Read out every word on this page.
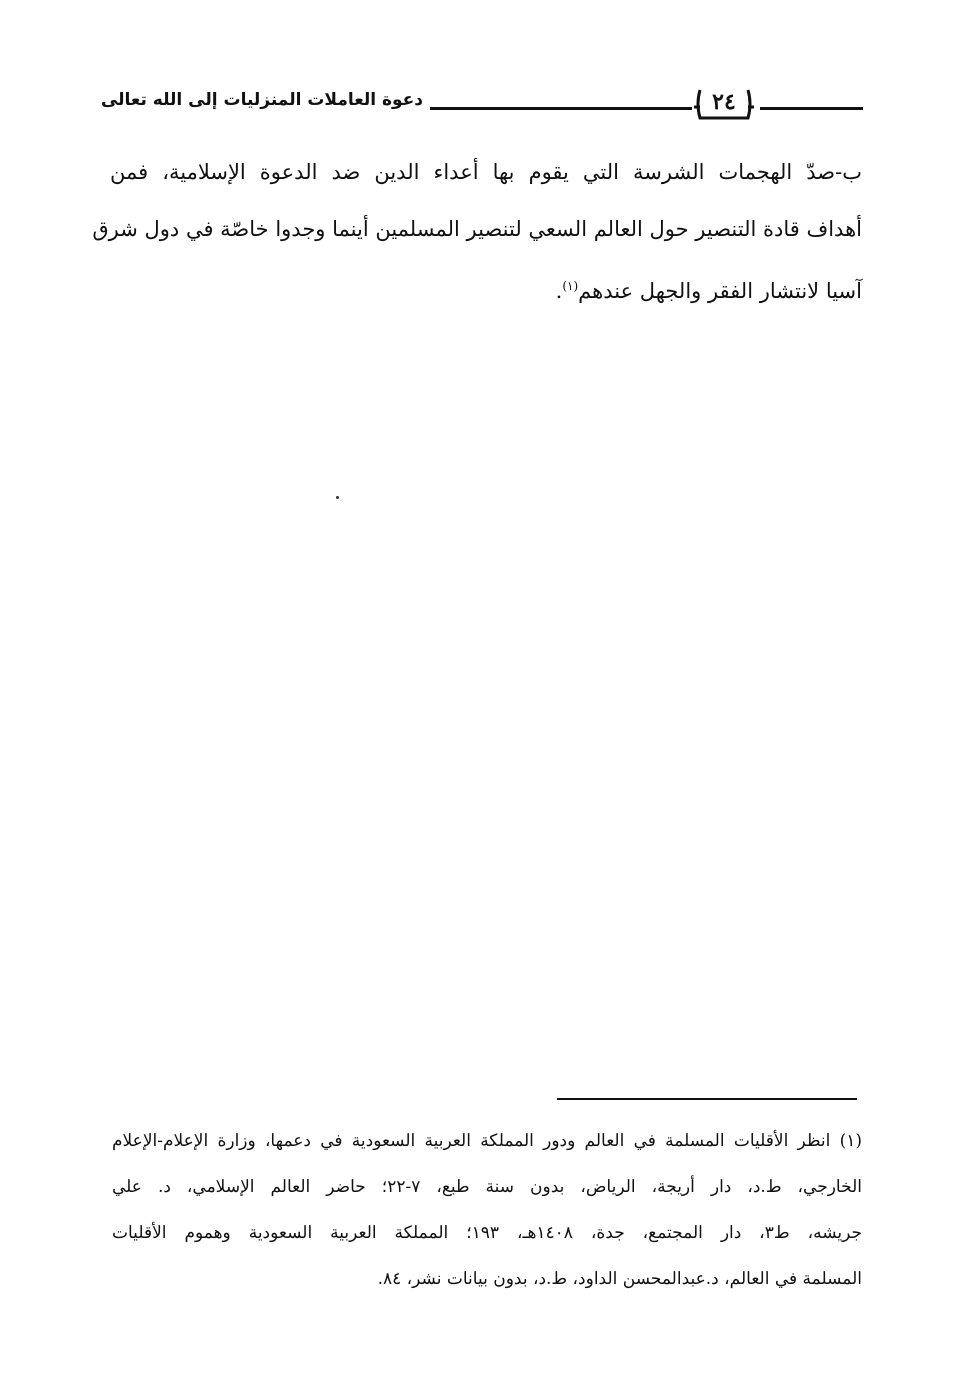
٢٤
دعوة العاملات المنزليات إلى الله تعالى
ب-صدّ الهجمات الشرسة التي يقوم بها أعداء الدين ضد الدعوة الإسلامية، فمن
أهداف قادة التنصير حول العالم السعي لتنصير المسلمين أينما وجدوا خاصّة في دول شرق
آسيا لانتشار الفقر والجهل عندهم$^{(١)}$.
(١) انظر الأقليات المسلمة في العالم ودور المملكة العربية السعودية في دعمها، وزارة الإعلام-الإعلام
الخارجي، ط.د، دار أريجة، الرياض، بدون سنة طبع، ٧-٢٢؛ حاضر العالم الإسلامي، د. علي
جريشه، ط٣، دار المجتمع، جدة، ١٤٠٨هـ، ١٩٣؛ المملكة العربية السعودية وهموم الأقليات
المسلمة في العالم، د.عبدالمحسن الداود، ط.د، بدون بيانات نشر، ٨٤.
